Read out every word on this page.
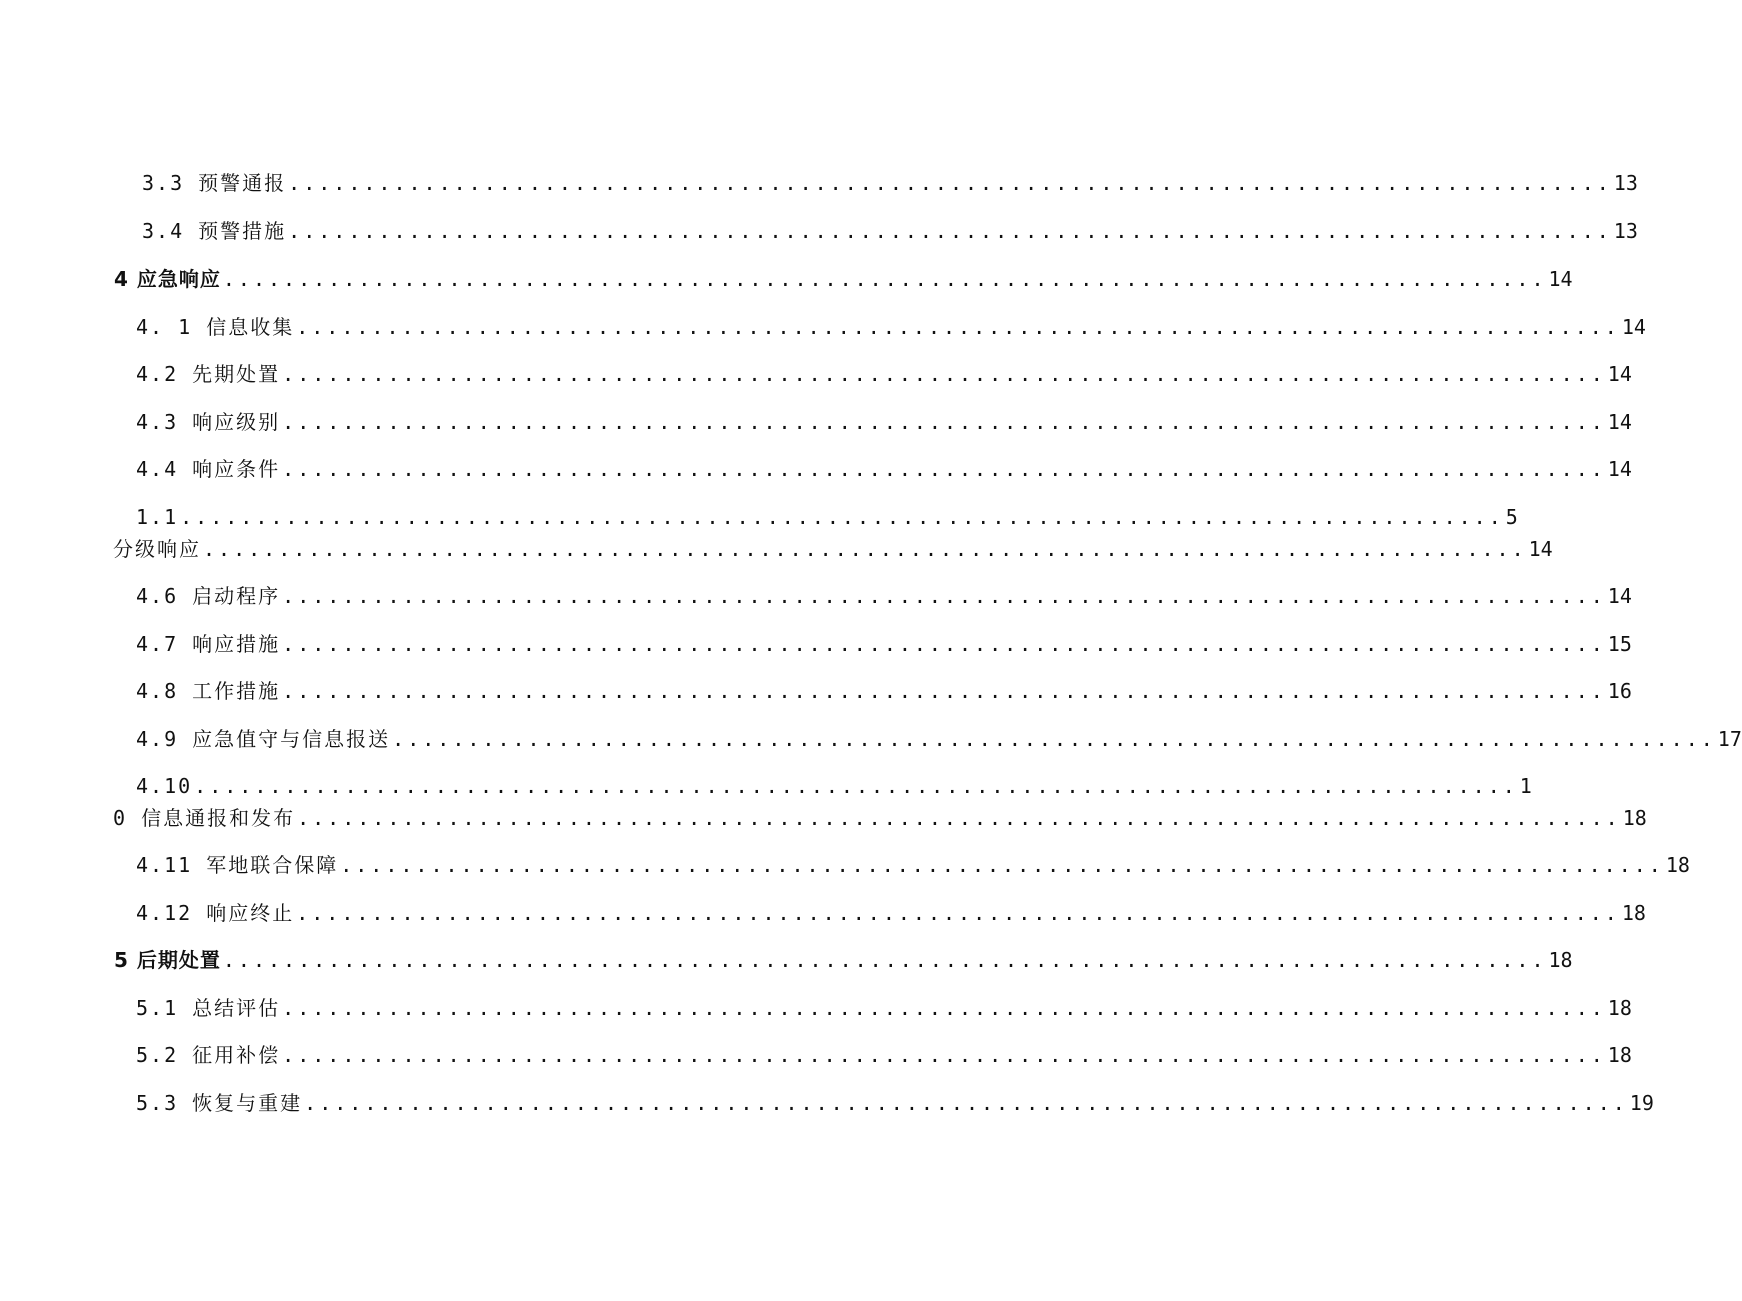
3.3 预警通报 ........................................................................................ 13
3.4 预警措施 ........................................................................................ 13
4 应急响应 ........................................................................................ 14
4. 1 信息收集 ........................................................................................ 14
4.2 先期处置 ........................................................................................ 14
4.3 响应级别 ........................................................................................ 14
4.4 响应条件 ........................................................................................ 14
1.1 ........................................................................................ 5
分级响应 ........................................................................................ 14
4.6 启动程序 ........................................................................................ 14
4.7 响应措施 ........................................................................................ 15
4.8 工作措施 ........................................................................................ 16
4.9 应急值守与信息报送 ........................................................................................ 17
4.10 ........................................................................................ 1
0 信息通报和发布 ........................................................................................ 18
4.11 军地联合保障 ........................................................................................ 18
4.12 响应终止 ........................................................................................ 18
5 后期处置 ........................................................................................ 18
5.1 总结评估 ........................................................................................ 18
5.2 征用补偿 ........................................................................................ 18
5.3 恢复与重建 ........................................................................................ 19
